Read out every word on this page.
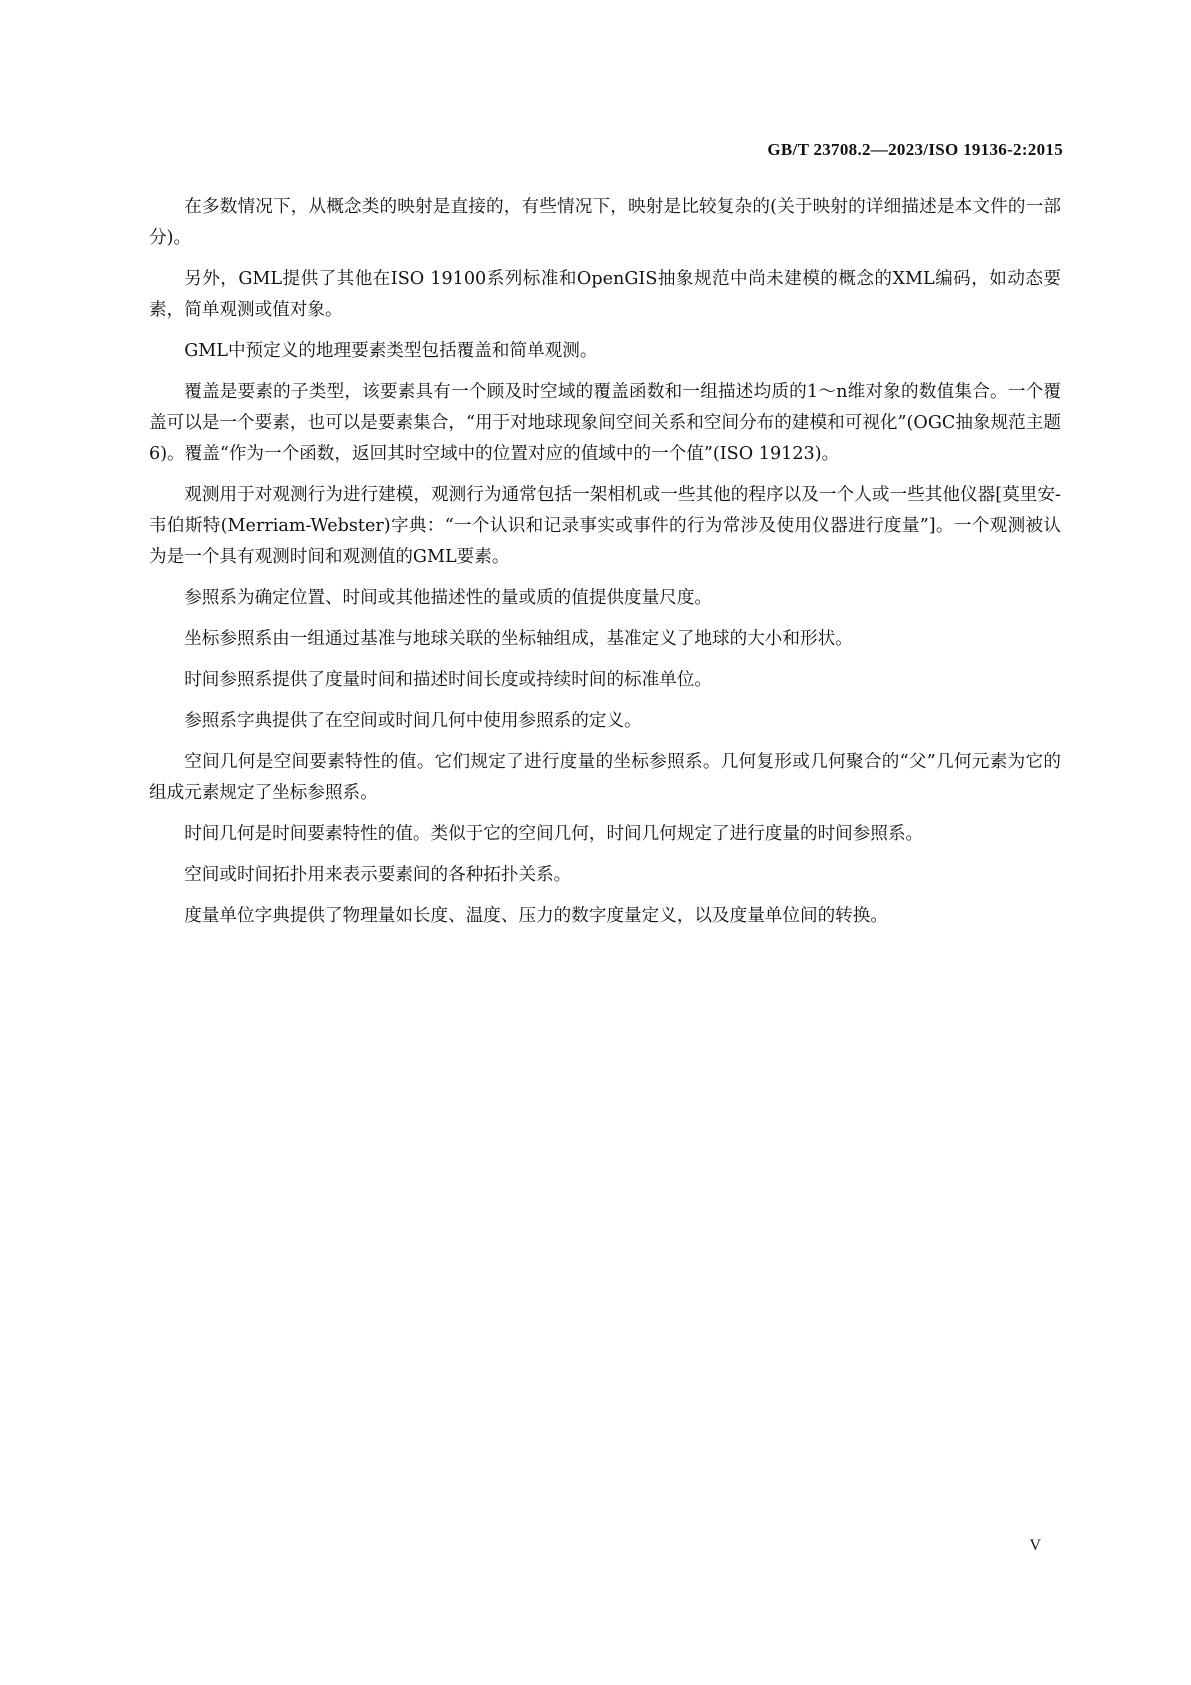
GB/T 23708.2—2023/ISO 19136-2:2015

在多数情况下，从概念类的映射是直接的，有些情况下，映射是比较复杂的(关于映射的详细描述是本文件的一部分)。

另外，GML提供了其他在ISO 19100系列标准和OpenGIS抽象规范中尚未建模的概念的XML编码，如动态要素，简单观测或值对象。

GML中预定义的地理要素类型包括覆盖和简单观测。

覆盖是要素的子类型，该要素具有一个顾及时空域的覆盖函数和一组描述均质的1～n维对象的数值集合。一个覆盖可以是一个要素，也可以是要素集合，“用于对地球现象间空间关系和空间分布的建模和可视化”(OGC抽象规范主题6)。覆盖“作为一个函数，返回其时空域中的位置对应的值域中的一个值”(ISO 19123)。

观测用于对观测行为进行建模，观测行为通常包括一架相机或一些其他的程序以及一个人或一些其他仪器[莫里安-韦伯斯特(Merriam-Webster)字典：“一个认识和记录事实或事件的行为常涉及使用仪器进行度量”]。一个观测被认为是一个具有观测时间和观测值的GML要素。

参照系为确定位置、时间或其他描述性的量或质的值提供度量尺度。

坐标参照系由一组通过基准与地球关联的坐标轴组成，基准定义了地球的大小和形状。

时间参照系提供了度量时间和描述时间长度或持续时间的标准单位。

参照系字典提供了在空间或时间几何中使用参照系的定义。

空间几何是空间要素特性的值。它们规定了进行度量的坐标参照系。几何复形或几何聚合的“父”几何元素为它的组成元素规定了坐标参照系。

时间几何是时间要素特性的值。类似于它的空间几何，时间几何规定了进行度量的时间参照系。

空间或时间拓扑用来表示要素间的各种拓扑关系。

度量单位字典提供了物理量如长度、温度、压力的数字度量定义，以及度量单位间的转换。

V
